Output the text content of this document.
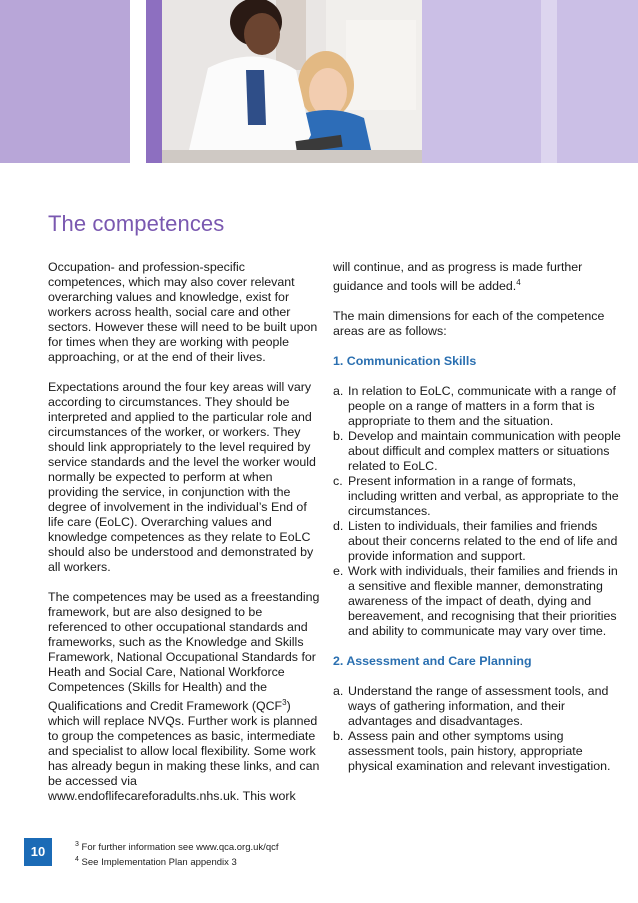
The competences

Occupation- and profession-specific competences, which may also cover relevant overarching values and knowledge, exist for workers across health, social care and other sectors. However these will need to be built upon for times when they are working with people approaching, or at the end of their lives.

Expectations around the four key areas will vary according to circumstances. They should be interpreted and applied to the particular role and circumstances of the worker, or workers. They should link appropriately to the level required by service standards and the level the worker would normally be expected to perform at when providing the service, in conjunction with the degree of involvement in the individual’s End of life care (EoLC). Overarching values and knowledge competences as they relate to EoLC should also be understood and demonstrated by all workers.

The competences may be used as a freestanding framework, but are also designed to be referenced to other occupational standards and frameworks, such as the Knowledge and Skills Framework, National Occupational Standards for Heath and Social Care, National Workforce Competences (Skills for Health) and the Qualifications and Credit Framework (QCF$^3$) which will replace NVQs. Further work is planned to group the competences as basic, intermediate and specialist to allow local flexibility. Some work has already begun in making these links, and can be accessed via www.endoflifecareforadults.nhs.uk. This work

will continue, and as progress is made further guidance and tools will be added.$^4$

The main dimensions for each of the competence areas are as follows:

1. Communication Skills
a. In relation to EoLC, communicate with a range of people on a range of matters in a form that is appropriate to them and the situation.
b. Develop and maintain communication with people about difficult and complex matters or situations related to EoLC.
c. Present information in a range of formats, including written and verbal, as appropriate to the circumstances.
d. Listen to individuals, their families and friends about their concerns related to the end of life and provide information and support.
e. Work with individuals, their families and friends in a sensitive and flexible manner, demonstrating awareness of the impact of death, dying and bereavement, and recognising that their priorities and ability to communicate may vary over time.
2. Assessment and Care Planning
a. Understand the range of assessment tools, and ways of gathering information, and their advantages and disadvantages.
b. Assess pain and other symptoms using assessment tools, pain history, appropriate physical examination and relevant investigation.
10	$^3$ For further information see www.qca.org.uk/qcf
$^4$ See Implementation Plan appendix 3
